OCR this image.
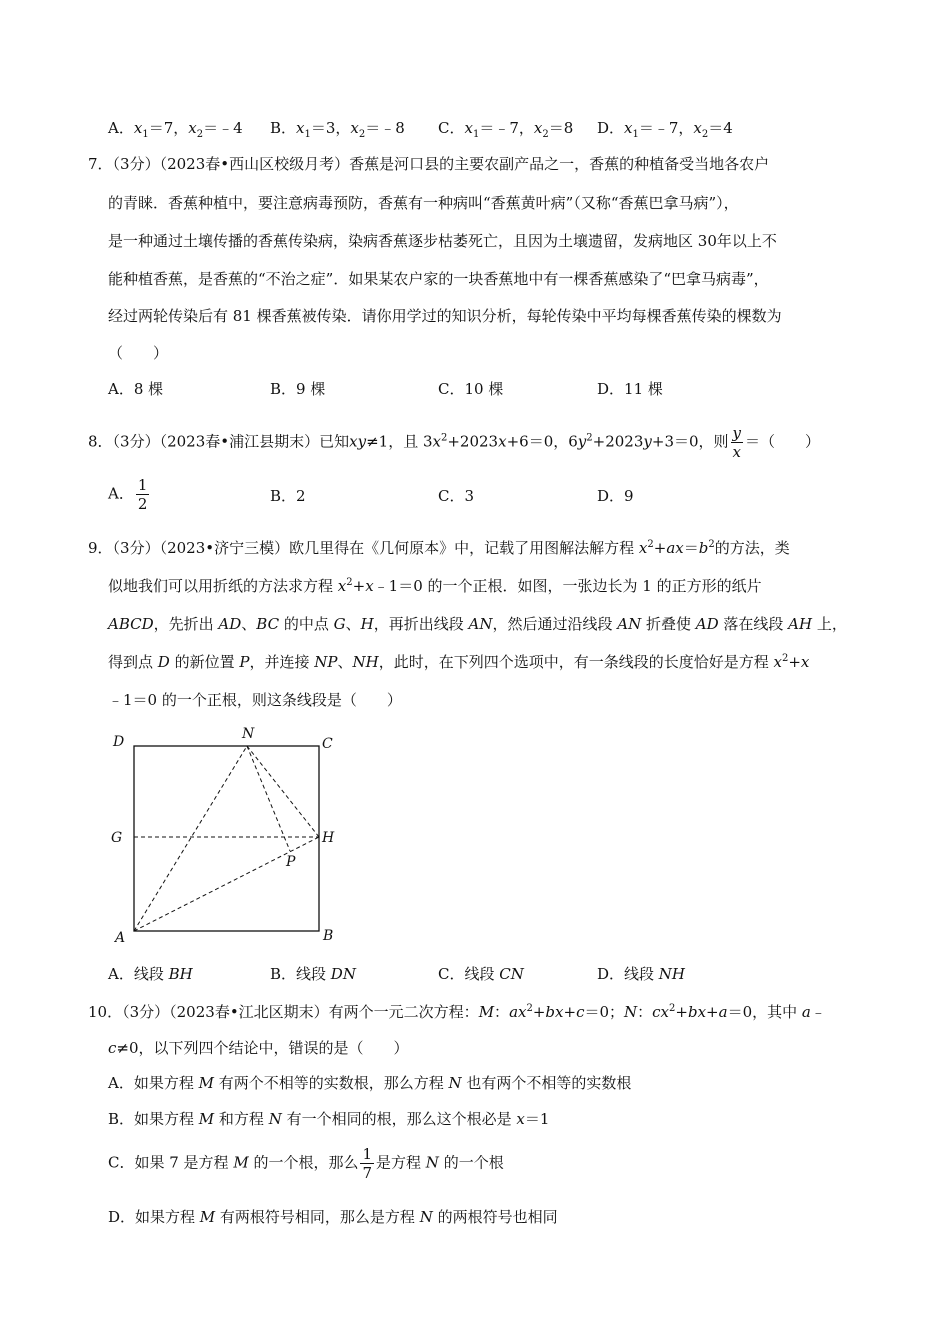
A．$x_1=7$，$x_2=﹣4$ B．$x_1=3$，$x_2=﹣8$ C．$x_1=﹣7$，$x_2=8$ D．$x_1=﹣7$，$x_2=4$
7．（3分）（2023春•西山区校级月考）香蕉是河口县的主要农副产品之一，香蕉的种植备受当地各农户
的青睐．香蕉种植中，要注意病毒预防，香蕉有一种病叫“香蕉黄叶病”（又称“香蕉巴拿马病”），
是一种通过土壤传播的香蕉传染病，染病香蕉逐步枯萎死亡，且因为土壤遗留，发病地区 30年以上不
能种植香蕉，是香蕉的“不治之症”．如果某农户家的一块香蕉地中有一棵香蕉感染了“巴拿马病毒”，
经过两轮传染后有 81 棵香蕉被传染．请你用学过的知识分析，每轮传染中平均每棵香蕉传染的棵数为
（　　）
A．8 棵	B．9 棵	C．10 棵	D．11 棵
8．（3分）（2023春•浦江县期末）已知xy≠1，且 $3x^2+2023x+6=0$，$6y^2+2023y+3=0$，则 $\frac{y}{x}$ ＝（　　）
A． $\frac{1}{2}$	B．2	C．3	D．9
9．（3分）（2023•济宁三模）欧几里得在《几何原本》中，记载了用图解法解方程 $x^2+ax=b^2$的方法，类
似地我们可以用折纸的方法求方程 $x^2+x﹣1=0$ 的一个正根．如图，一张边长为 1 的正方形的纸片
ABCD，先折出 AD、BC 的中点 G、H，再折出线段 AN，然后通过沿线段 AN 折叠使 AD 落在线段 AH 上，
得到点 D 的新位置 P，并连接 NP、NH，此时，在下列四个选项中，有一条线段的长度恰好是方程 $x^2+x$
﹣1＝0 的一个正根，则这条线段是（　　）
D	N
C
G	H
P
A	B
A．线段 BH	B．线段 DN	C．线段 CN	D．线段 NH
10．（3分）（2023春•江北区期末）有两个一元二次方程：M：$ax^2+bx+c=0$；N：$cx^2+bx+a=0$，其中 a﹣
c≠0，以下列四个结论中，错误的是（　　）
A．如果方程 M 有两个不相等的实数根，那么方程 N 也有两个不相等的实数根
B．如果方程 M 和方程 N 有一个相同的根，那么这个根必是 x＝1
C．如果 7 是方程 M 的一个根，那么 $\frac{1}{7}$ 是方程 N 的一个根
D．如果方程 M 有两根符号相同，那么是方程 N 的两根符号也相同
